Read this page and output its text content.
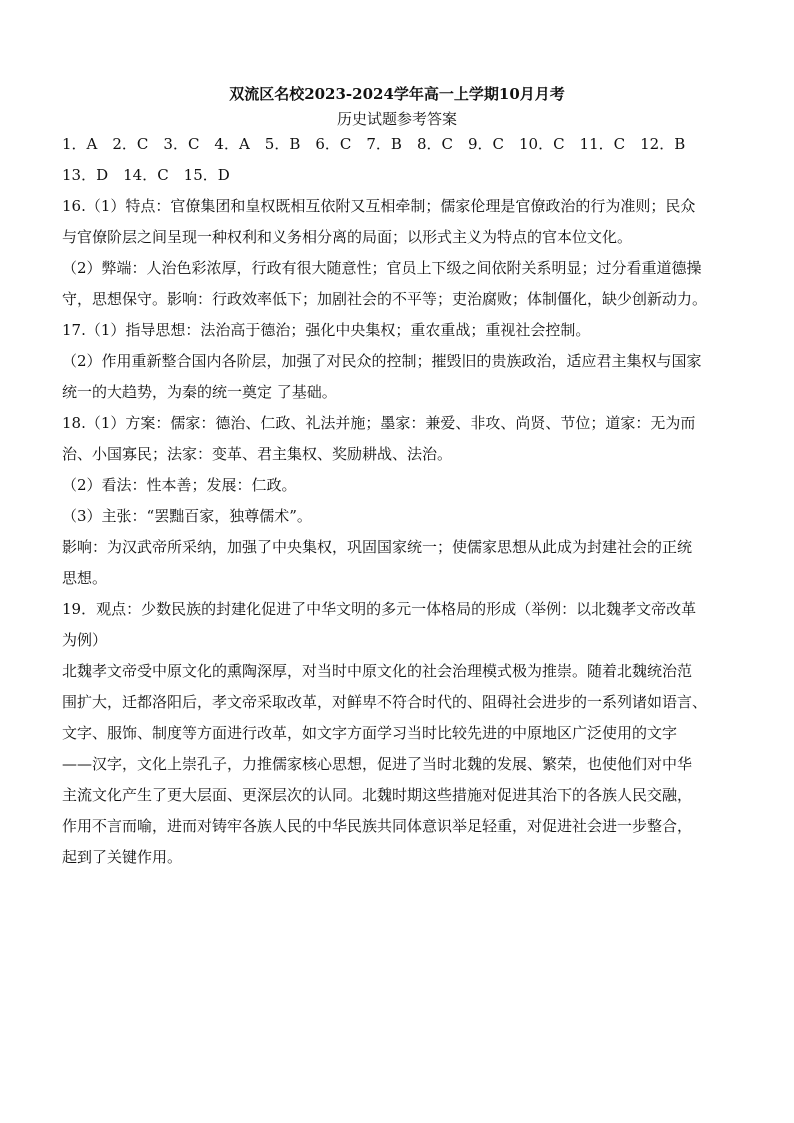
双流区名校2023-2024学年高一上学期10月月考
历史试题参考答案
1．A　2．C　3．C　4．A　5．B　6．C　7．B　8．C　9．C　10．C　11．C　12．B
13．D　14．C　15．D
16.（1）特点：官僚集团和皇权既相互依附又互相牵制；儒家伦理是官僚政治的行为准则；民众
与官僚阶层之间呈现一种权利和义务相分离的局面；以形式主义为特点的官本位文化。
（2）弊端：人治色彩浓厚，行政有很大随意性；官员上下级之间依附关系明显；过分看重道德操
守，思想保守。影响：行政效率低下；加剧社会的不平等；吏治腐败；体制僵化，缺少创新动力。
17.（1）指导思想：法治高于德治；强化中央集权；重农重战；重视社会控制。
（2）作用重新整合国内各阶层，加强了对民众的控制；摧毁旧的贵族政治，适应君主集权与国家
统一的大趋势，为秦的统一奠定 了基础。
18.（1）方案：儒家：德治、仁政、礼法并施；墨家：兼爱、非攻、尚贤、节位；道家：无为而
治、小国寡民；法家：变革、君主集权、奖励耕战、法治。
（2）看法：性本善；发展：仁政。
（3）主张：“罢黜百家，独尊儒术”。
影响：为汉武帝所采纳，加强了中央集权，巩固国家统一；使儒家思想从此成为封建社会的正统
思想。
19．观点：少数民族的封建化促进了中华文明的多元一体格局的形成（举例：以北魏孝文帝改革
为例）
北魏孝文帝受中原文化的熏陶深厚，对当时中原文化的社会治理模式极为推崇。随着北魏统治范
围扩大，迁都洛阳后，孝文帝采取改革，对鲜卑不符合时代的、阻碍社会进步的一系列诸如语言、
文字、服饰、制度等方面进行改革，如文字方面学习当时比较先进的中原地区广泛使用的文字
——汉字，文化上崇孔子，力推儒家核心思想，促进了当时北魏的发展、繁荣，也使他们对中华
主流文化产生了更大层面、更深层次的认同。北魏时期这些措施对促进其治下的各族人民交融，
作用不言而喻，进而对铸牢各族人民的中华民族共同体意识举足轻重，对促进社会进一步整合，
起到了关键作用。
